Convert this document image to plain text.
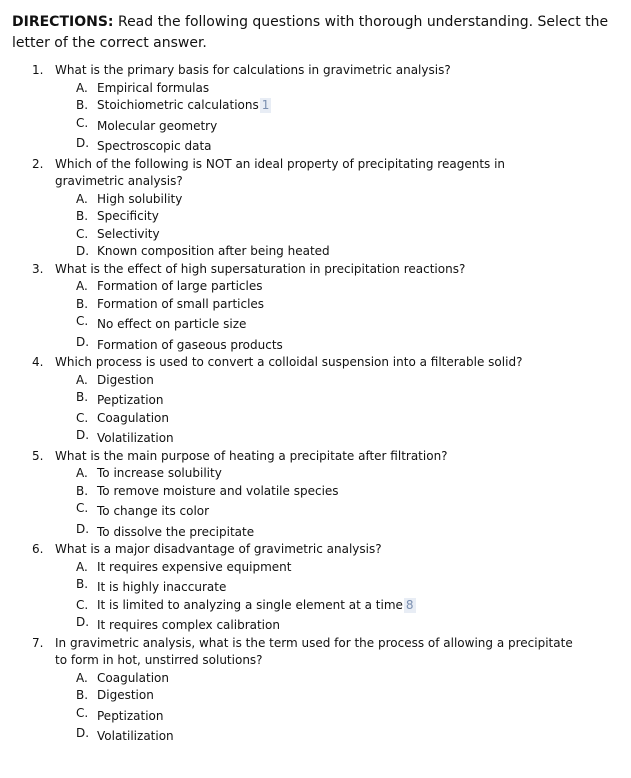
DIRECTIONS: Read the following questions with thorough understanding. Select the letter of the correct answer.
1. What is the primary basis for calculations in gravimetric analysis?
A. Empirical formulas
B. Stoichiometric calculations 1
C. Molecular geometry
D. Spectroscopic data
2. Which of the following is NOT an ideal property of precipitating reagents in gravimetric analysis?
A. High solubility
B. Specificity
C. Selectivity
D. Known composition after being heated
3. What is the effect of high supersaturation in precipitation reactions?
A. Formation of large particles
B. Formation of small particles
C. No effect on particle size
D. Formation of gaseous products
4. Which process is used to convert a colloidal suspension into a filterable solid?
A. Digestion
B. Peptization
C. Coagulation
D. Volatilization
5. What is the main purpose of heating a precipitate after filtration?
A. To increase solubility
B. To remove moisture and volatile species
C. To change its color
D. To dissolve the precipitate
6. What is a major disadvantage of gravimetric analysis?
A. It requires expensive equipment
B. It is highly inaccurate
C. It is limited to analyzing a single element at a time 8
D. It requires complex calibration
7. In gravimetric analysis, what is the term used for the process of allowing a precipitate to form in hot, unstirred solutions?
A. Coagulation
B. Digestion
C. Peptization
D. Volatilization
